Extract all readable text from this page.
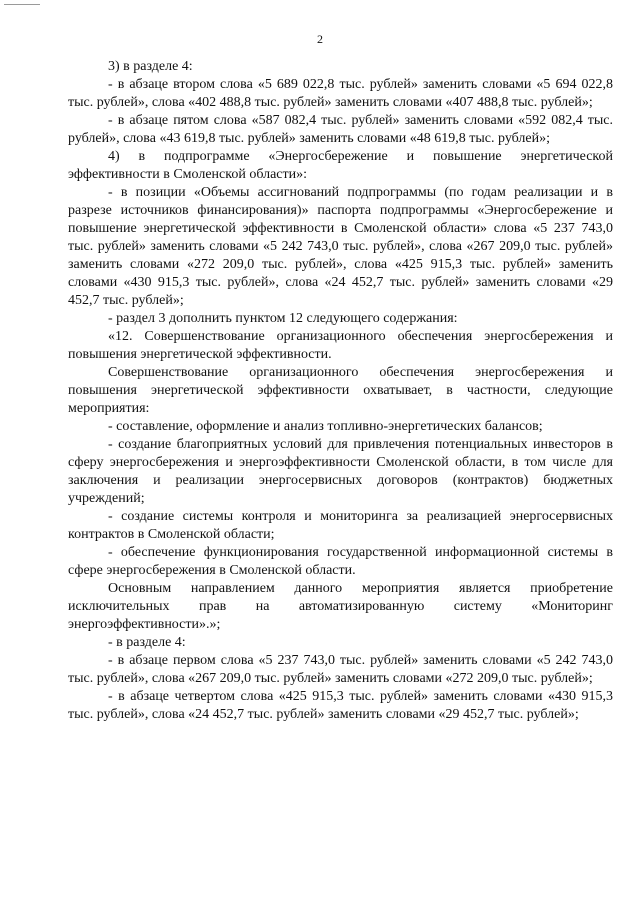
2

3) в разделе 4:

- в абзаце втором слова «5 689 022,8 тыс. рублей» заменить словами «5 694 022,8 тыс. рублей», слова «402 488,8 тыс. рублей» заменить словами «407 488,8 тыс. рублей»;

- в абзаце пятом слова «587 082,4 тыс. рублей» заменить словами «592 082,4 тыс. рублей», слова «43 619,8 тыс. рублей» заменить словами «48 619,8 тыс. рублей»;

4) в подпрограмме «Энергосбережение и повышение энергетической эффективности в Смоленской области»:

- в позиции «Объемы ассигнований подпрограммы (по годам реализации и в разрезе источников финансирования)» паспорта подпрограммы «Энергосбережение и повышение энергетической эффективности в Смоленской области» слова «5 237 743,0 тыс. рублей» заменить словами «5 242 743,0 тыс. рублей», слова «267 209,0 тыс. рублей» заменить словами «272 209,0 тыс. рублей», слова «425 915,3 тыс. рублей» заменить словами «430 915,3 тыс. рублей», слова «24 452,7 тыс. рублей» заменить словами «29 452,7 тыс. рублей»;

- раздел 3 дополнить пунктом 12 следующего содержания:

«12. Совершенствование организационного обеспечения энергосбережения и повышения энергетической эффективности.

Совершенствование организационного обеспечения энергосбережения и повышения энергетической эффективности охватывает, в частности, следующие мероприятия:

- составление, оформление и анализ топливно-энергетических балансов;

- создание благоприятных условий для привлечения потенциальных инвесторов в сферу энергосбережения и энергоэффективности Смоленской области, в том числе для заключения и реализации энергосервисных договоров (контрактов) бюджетных учреждений;

- создание системы контроля и мониторинга за реализацией энергосервисных контрактов в Смоленской области;

- обеспечение функционирования государственной информационной системы в сфере энергосбережения в Смоленской области.

Основным направлением данного мероприятия является приобретение исключительных прав на автоматизированную систему «Мониторинг энергоэффективности».»;

- в разделе 4:

- в абзаце первом слова «5 237 743,0 тыс. рублей» заменить словами «5 242 743,0 тыс. рублей», слова «267 209,0 тыс. рублей» заменить словами «272 209,0 тыс. рублей»;

- в абзаце четвертом слова «425 915,3 тыс. рублей» заменить словами «430 915,3 тыс. рублей», слова «24 452,7 тыс. рублей» заменить словами «29 452,7 тыс. рублей»;
